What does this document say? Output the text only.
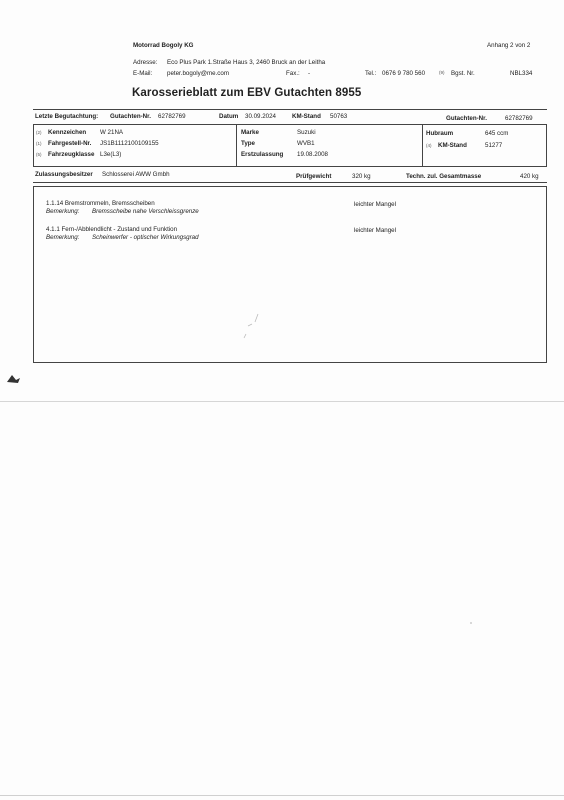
Motorrad Bogoly KG	Anhang 2 von 2
Adresse: Eco Plus Park 1.Straße Haus 3, 2460 Bruck an der Leitha
E-Mail: peter.bogoly@me.com	Fax.: -	Tel.: 0676 9 780 560	(9) Bgst. Nr.	NBL334
Karosserieblatt zum EBV Gutachten 8955
Letzte Begutachtung: Gutachten-Nr. 62782769	Datum 30.09.2024	KM-Stand 50763	Gutachten-Nr.	62782769
(2) Kennzeichen W 21NA
(1) Fahrgestell-Nr. JS1B1112100109155
(5) Fahrzeugklasse L3e(L3)
Marke	Suzuki
Type	WVB1
Erstzulassung 19.08.2008
Hubraum	645 ccm
(4) KM-Stand	51277
Zulassungsbesitzer Schlosserei AWW Gmbh	Prüfgewicht	320 kg	Techn. zul. Gesamtmasse	420 kg
1.1.14 Bremstrommeln, Bremsscheiben
Bemerkung: Bremsscheibe nahe Verschleissgrenze
leichter Mangel
4.1.1 Fern-/Abblendlicht - Zustand und Funktion
Bemerkung: Scheinwerfer - optischer Wirkungsgrad
leichter Mangel
